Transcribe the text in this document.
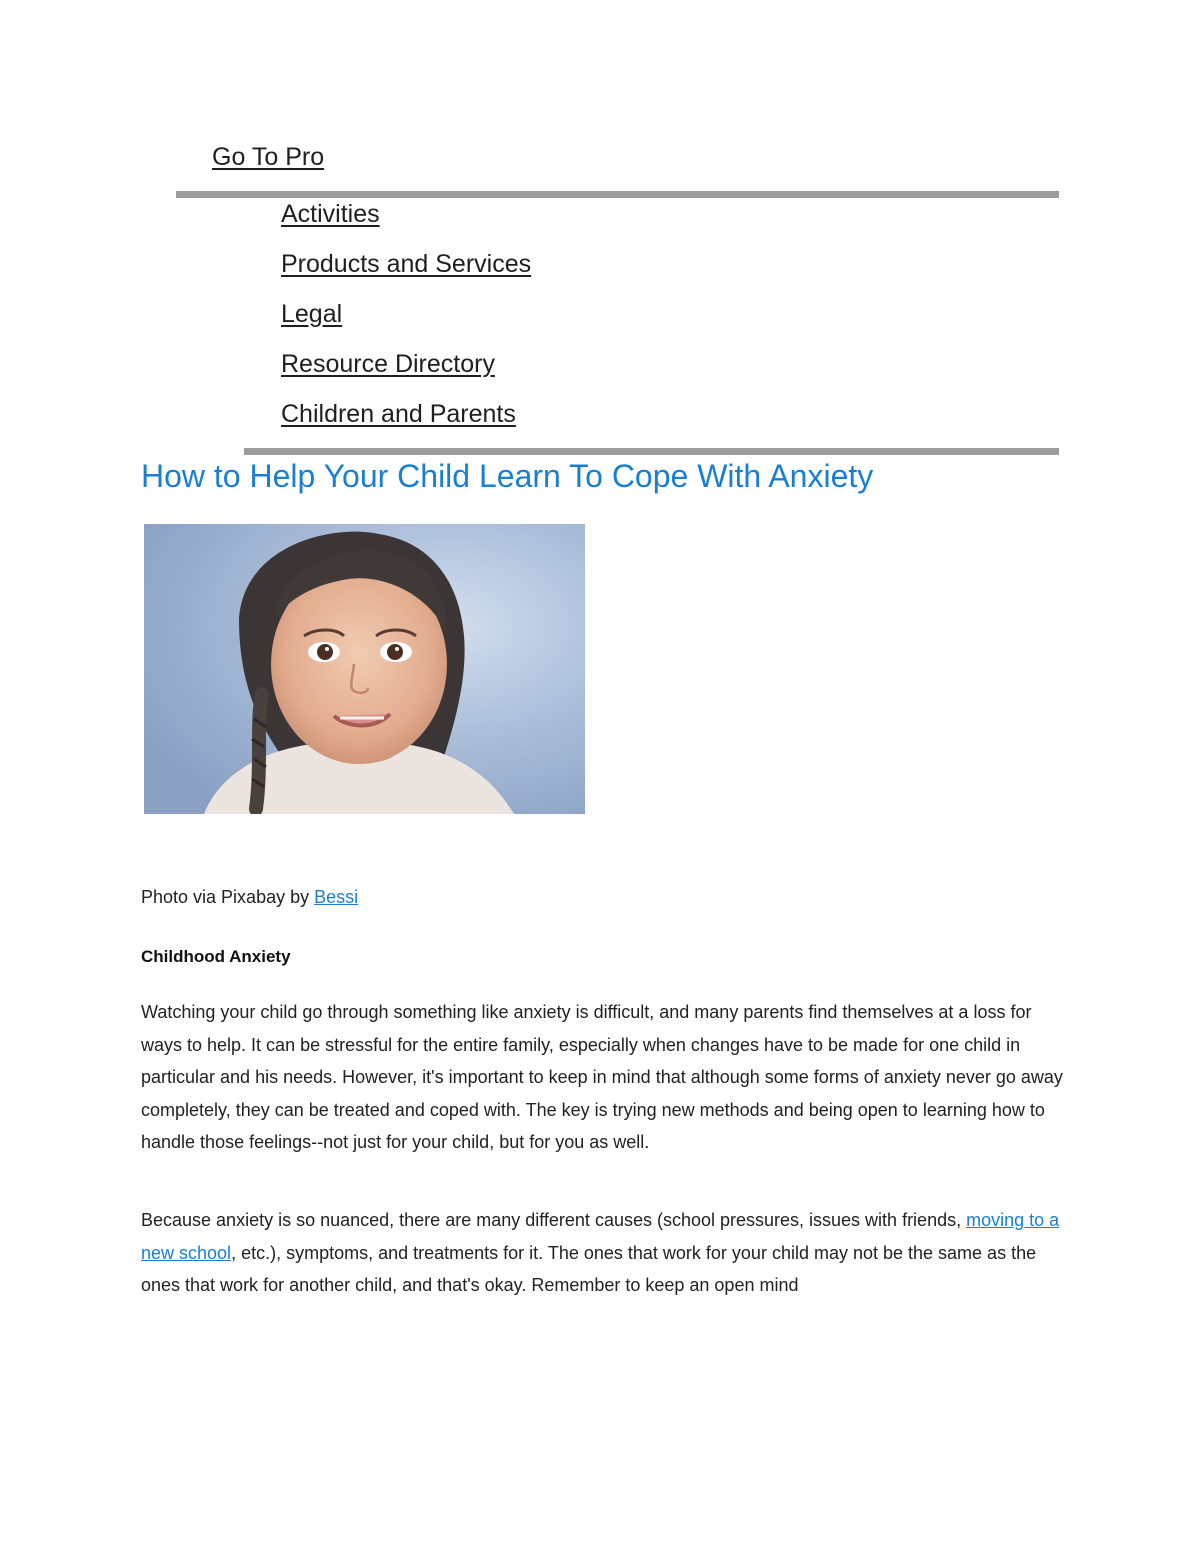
Go To Pro
Activities
Products and Services
Legal
Resource Directory
Children and Parents
How to Help Your Child Learn To Cope With Anxiety

Photo via Pixabay by Bessi

Childhood Anxiety

Watching your child go through something like anxiety is difficult, and many parents find themselves at a loss for ways to help. It can be stressful for the entire family, especially when changes have to be made for one child in particular and his needs. However, it's important to keep in mind that although some forms of anxiety never go away completely, they can be treated and coped with. The key is trying new methods and being open to learning how to handle those feelings--not just for your child, but for you as well.

Because anxiety is so nuanced, there are many different causes (school pressures, issues with friends, moving to a new school, etc.), symptoms, and treatments for it. The ones that work for your child may not be the same as the ones that work for another child, and that's okay. Remember to keep an open mind
